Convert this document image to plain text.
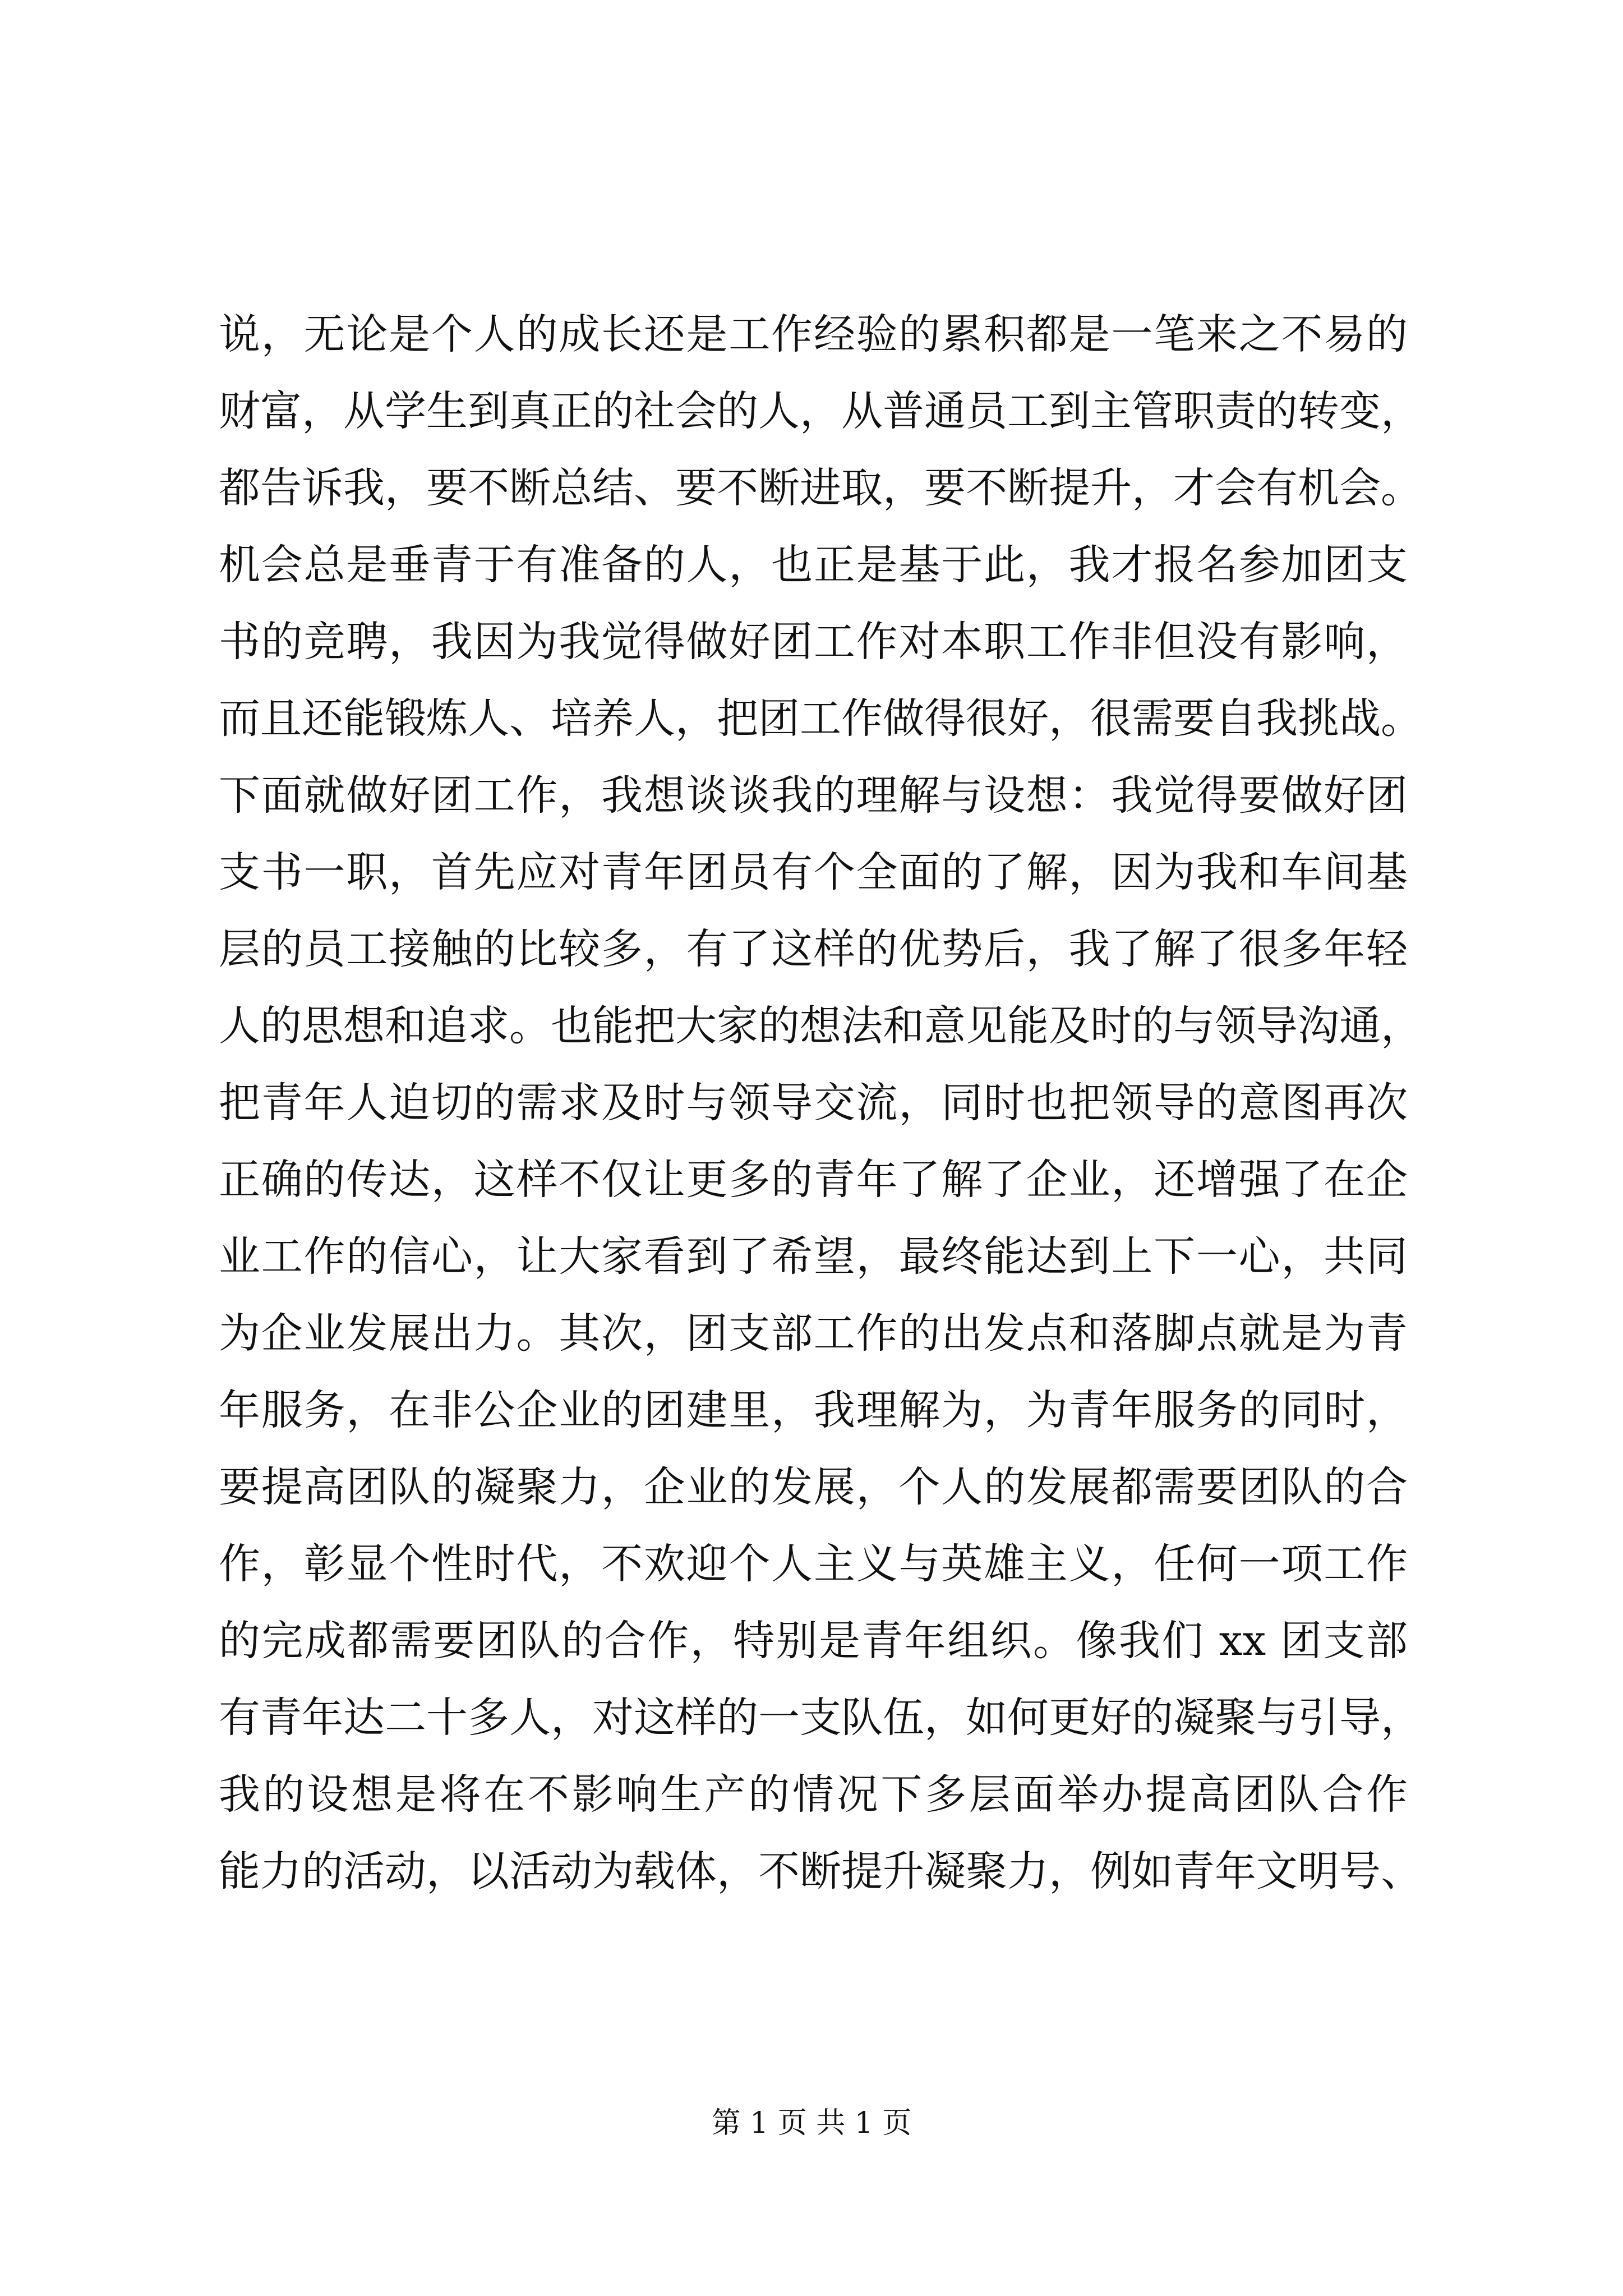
说，无论是个人的成长还是工作经验的累积都是一笔来之不易的
财富，从学生到真正的社会的人，从普通员工到主管职责的转变，
都告诉我，要不断总结、要不断进取，要不断提升，才会有机会。
机会总是垂青于有准备的人，也正是基于此，我才报名参加团支
书的竞聘，我因为我觉得做好团工作对本职工作非但没有影响，
而且还能锻炼人、培养人，把团工作做得很好，很需要自我挑战。
下面就做好团工作，我想谈谈我的理解与设想：我觉得要做好团
支书一职，首先应对青年团员有个全面的了解，因为我和车间基
层的员工接触的比较多，有了这样的优势后，我了解了很多年轻
人的思想和追求。也能把大家的想法和意见能及时的与领导沟通，
把青年人迫切的需求及时与领导交流，同时也把领导的意图再次
正确的传达，这样不仅让更多的青年了解了企业，还增强了在企
业工作的信心，让大家看到了希望，最终能达到上下一心，共同
为企业发展出力。其次，团支部工作的出发点和落脚点就是为青
年服务，在非公企业的团建里，我理解为，为青年服务的同时，
要提高团队的凝聚力，企业的发展，个人的发展都需要团队的合
作，彰显个性时代，不欢迎个人主义与英雄主义，任何一项工作
的完成都需要团队的合作，特别是青年组织。像我们 xx 团支部
有青年达二十多人，对这样的一支队伍，如何更好的凝聚与引导，
我的设想是将在不影响生产的情况下多层面举办提高团队合作
能力的活动，以活动为载体，不断提升凝聚力，例如青年文明号、
第 1 页 共 1 页
